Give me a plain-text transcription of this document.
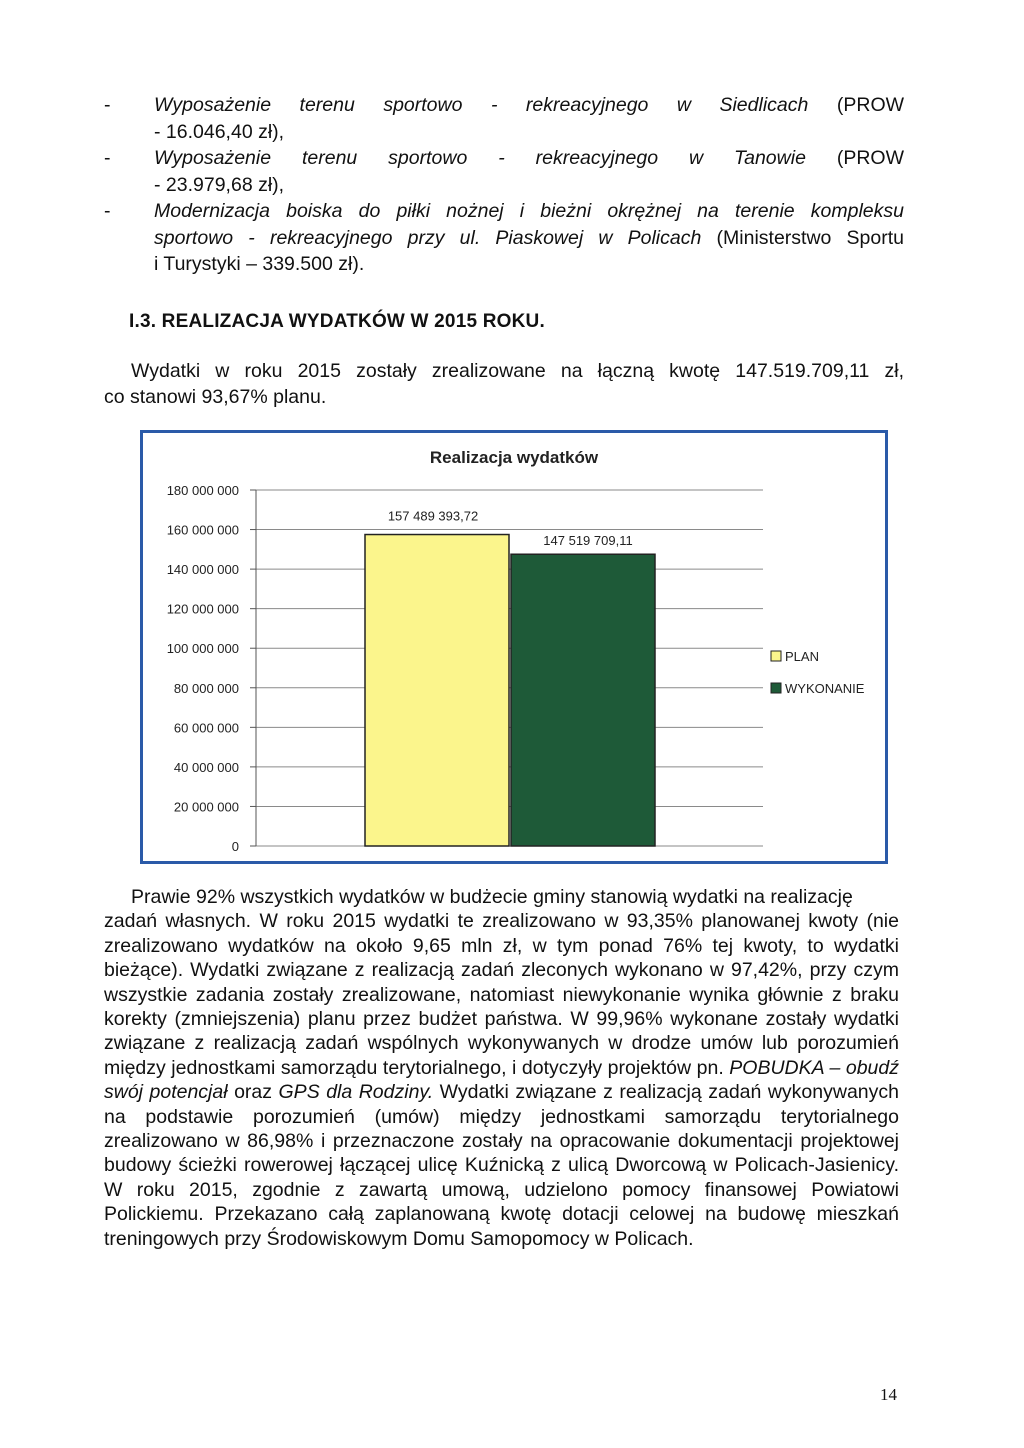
- Wyposażenie terenu sportowo - rekreacyjnego w Siedlicach (PROW
- 16.046,40 zł),
- Wyposażenie terenu sportowo - rekreacyjnego w Tanowie (PROW
- 23.979,68 zł),
- Modernizacja boiska do piłki nożnej i bieżni okrężnej na terenie kompleksu
sportowo - rekreacyjnego przy ul. Piaskowej w Policach (Ministerstwo Sportu
i Turystyki – 339.500 zł).
I.3. REALIZACJA WYDATKÓW W 2015 ROKU.
Wydatki w roku 2015 zostały zrealizowane na łączną kwotę 147.519.709,11 zł,
co stanowi 93,67% planu.
Realizacja wydatków
0
20 000 000
40 000 000
60 000 000
80 000 000
100 000 000
120 000 000
140 000 000
160 000 000
180 000 000
157 489 393,72
147 519 709,11
PLAN
WYKONANIE
Prawie 92% wszystkich wydatków w budżecie gminy stanowią wydatki na realizację
zadań własnych. W roku 2015 wydatki te zrealizowano w 93,35% planowanej kwoty (nie zrealizowano wydatków na około 9,65 mln zł, w tym ponad 76% tej kwoty, to wydatki bieżące). Wydatki związane z realizacją zadań zleconych wykonano w 97,42%, przy czym wszystkie zadania zostały zrealizowane, natomiast niewykonanie wynika głównie z braku korekty (zmniejszenia) planu przez budżet państwa. W 99,96% wykonane zostały wydatki związane z realizacją zadań wspólnych wykonywanych w drodze umów lub porozumień między jednostkami samorządu terytorialnego, i dotyczyły projektów pn. POBUDKA – obudź swój potencjał oraz GPS dla Rodziny. Wydatki związane z realizacją zadań wykonywanych na podstawie porozumień (umów) między jednostkami samorządu terytorialnego zrealizowano w 86,98% i przeznaczone zostały na opracowanie dokumentacji projektowej budowy ścieżki rowerowej łączącej ulicę Kuźnicką z ulicą Dworcową w Policach-Jasienicy. W roku 2015, zgodnie z zawartą umową, udzielono pomocy finansowej Powiatowi Polickiemu. Przekazano całą zaplanowaną kwotę dotacji celowej na budowę mieszkań treningowych przy Środowiskowym Domu Samopomocy w Policach.
14
